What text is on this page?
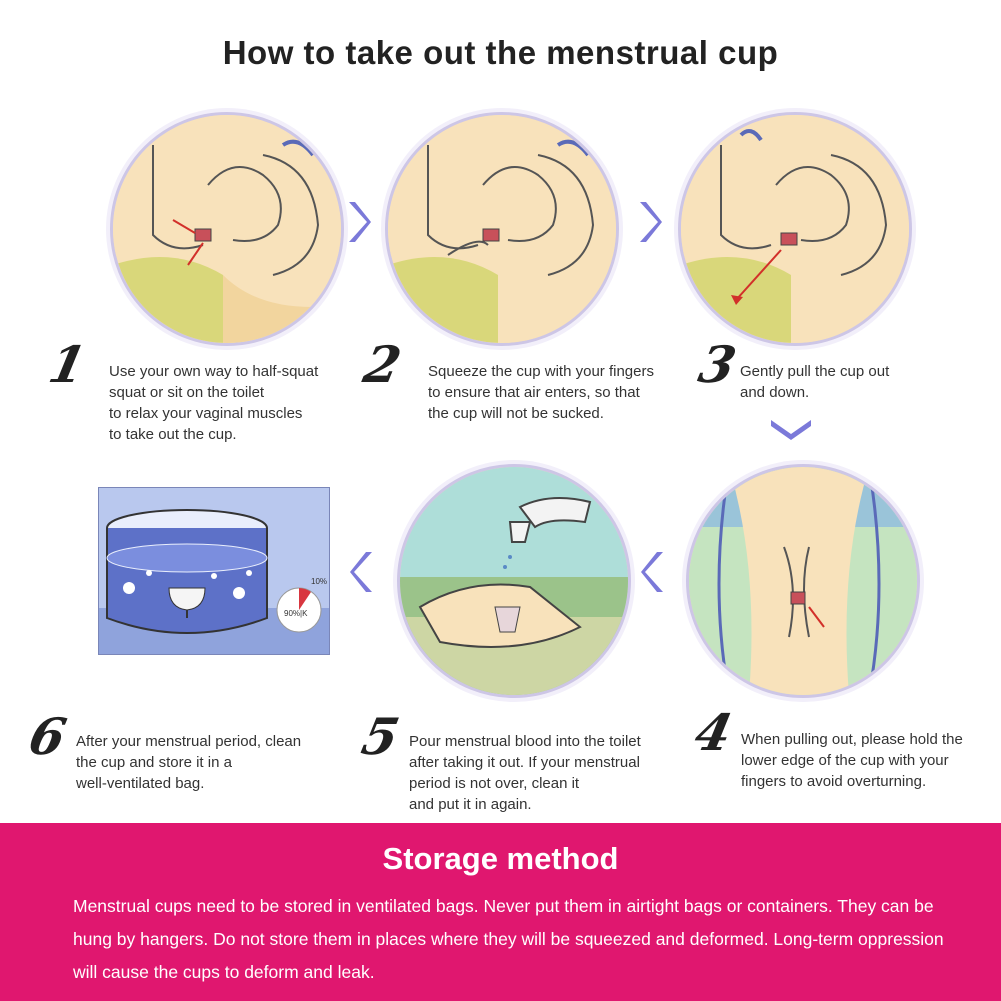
How to take out the menstrual cup
1 Use your own way to half-squat
squat or sit on the toilet
to relax your vaginal muscles
to take out the cup.
2 Squeeze the cup with your fingers
to ensure that air enters, so that
the cup will not be sucked.
3
Gently pull the cup out
and down.
10%
90%|K
6 After your menstrual period, clean
the cup and store it in a
well-ventilated bag.
5 Pour menstrual blood into the toilet
after taking it out. If your menstrual
period is not over, clean it
and put it in again.
4 When pulling out, please hold the
lower edge of the cup with your
fingers to avoid overturning.
Storage method
Menstrual cups need to be stored in ventilated bags. Never put them in airtight bags or containers. They can be hung by hangers. Do not store them in places where they will be squeezed and deformed. Long-term oppression will cause the cups to deform and leak.
